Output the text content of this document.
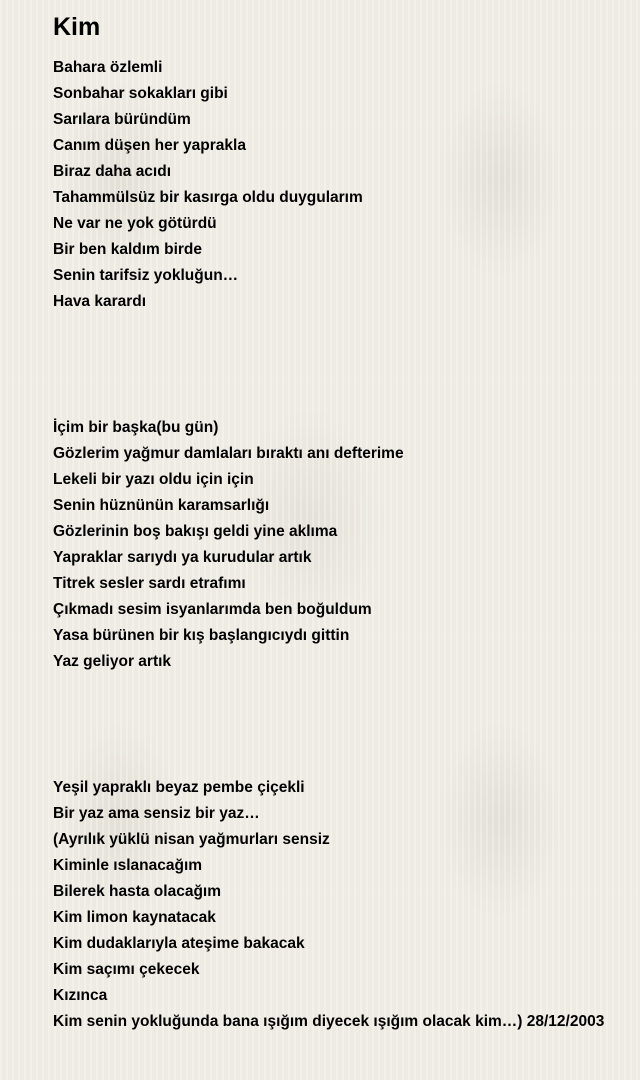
Kim
Bahara özlemli
Sonbahar sokakları gibi
Sarılara büründüm
Canım düşen her yaprakla
Biraz daha acıdı
Tahammülsüz bir kasırga oldu duygularım
Ne var ne yok götürdü
Bir ben kaldım birde
Senin tarifsiz yokluğun…
Hava karardı
İçim bir başka(bu gün)
Gözlerim yağmur damlaları bıraktı anı defterime
Lekeli bir yazı oldu için için
Senin hüznünün karamsarlığı
Gözlerinin boş bakışı geldi yine aklıma
Yapraklar sarıydı ya kurudular artık
Titrek sesler sardı etrafımı
Çıkmadı sesim isyanlarımda ben boğuldum
Yasa bürünen bir kış başlangıcıydı gittin
Yaz geliyor artık
Yeşil yapraklı beyaz pembe çiçekli
Bir yaz ama sensiz bir yaz…
(Ayrılık yüklü nisan yağmurları sensiz
Kiminle ıslanacağım
Bilerek hasta olacağım
Kim limon kaynatacak
Kim dudaklarıyla ateşime bakacak
Kim saçımı çekecek
Kızınca
Kim senin yokluğunda bana ışığım diyecek ışığım olacak kim…) 28/12/2003
